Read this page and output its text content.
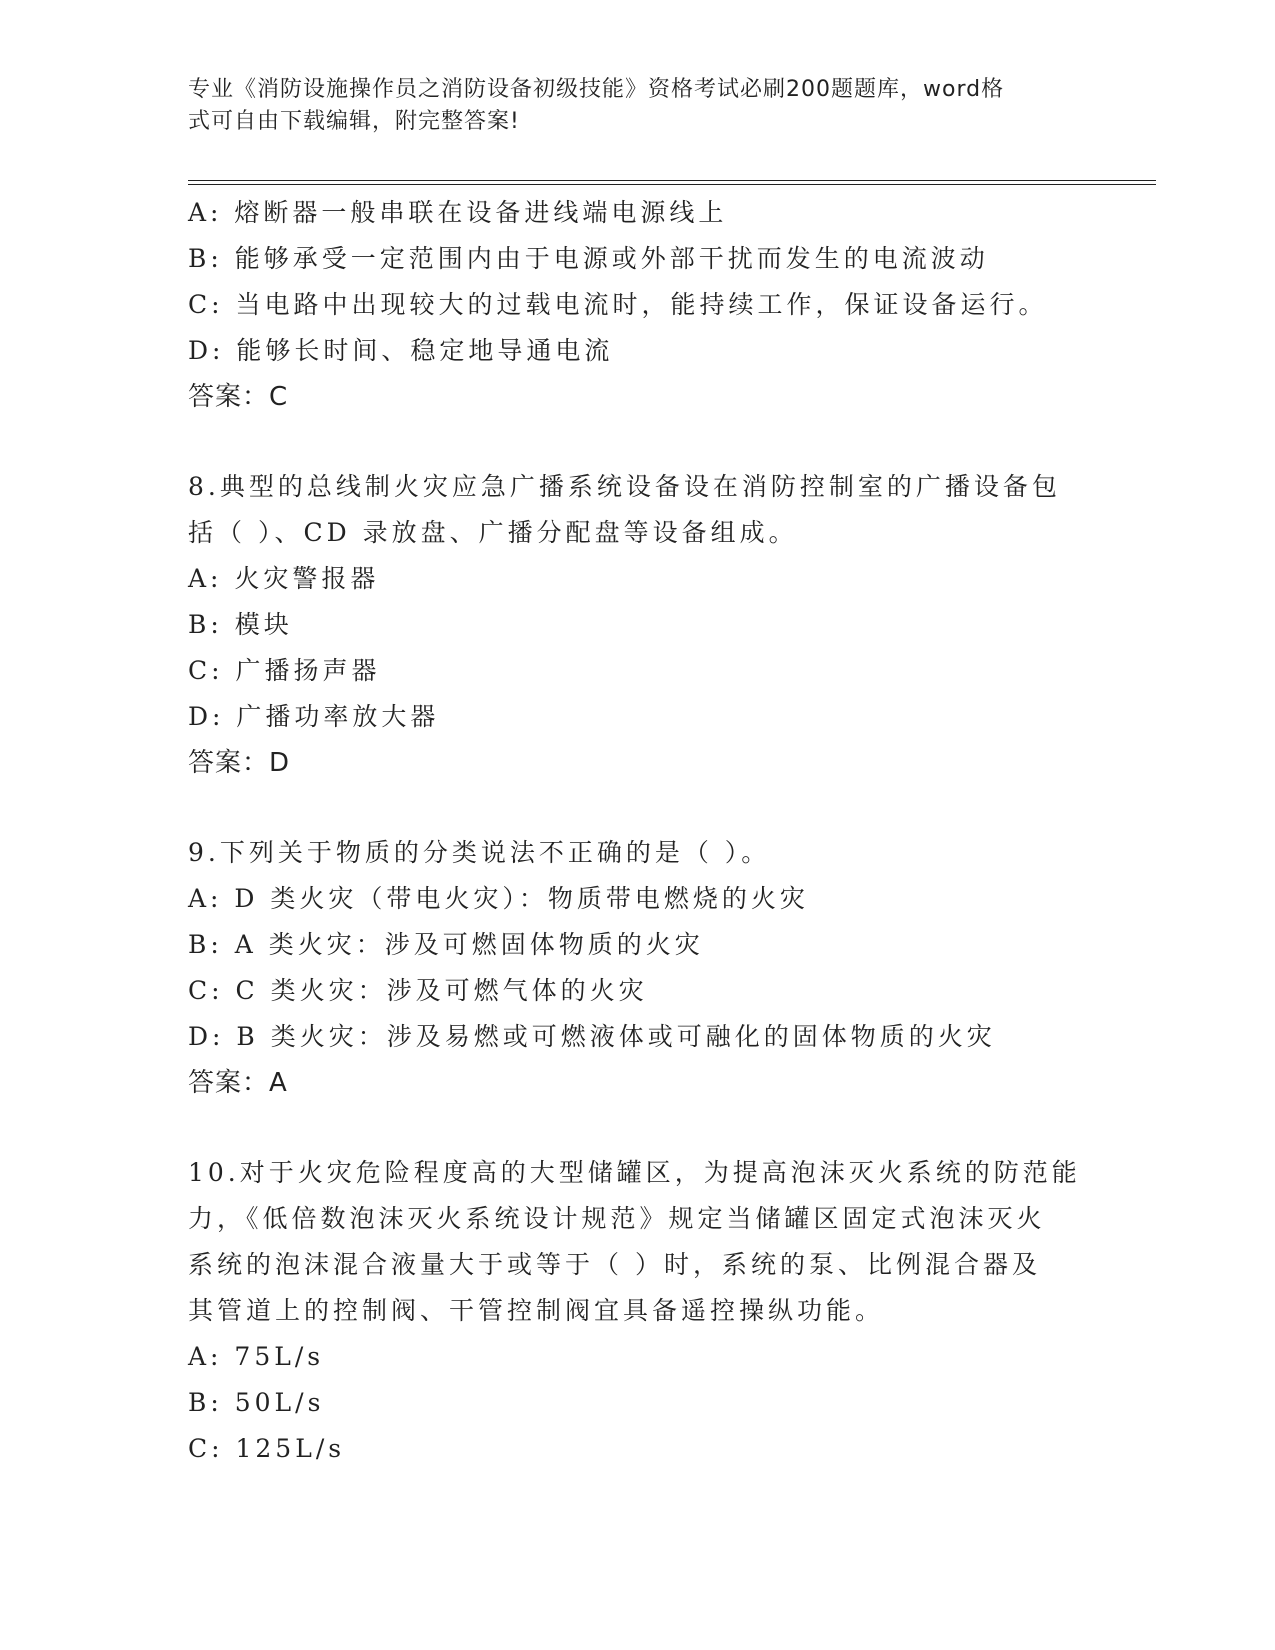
专业《消防设施操作员之消防设备初级技能》资格考试必刷200题题库，word格
式可自由下载编辑，附完整答案!
A: 熔断器一般串联在设备进线端电源线上
B: 能够承受一定范围内由于电源或外部干扰而发生的电流波动
C: 当电路中出现较大的过载电流时，能持续工作，保证设备运行。
D: 能够长时间、稳定地导通电流
答案：C
8.典型的总线制火灾应急广播系统设备设在消防控制室的广播设备包
括（ ）、CD 录放盘、广播分配盘等设备组成。
A: 火灾警报器
B: 模块
C: 广播扬声器
D: 广播功率放大器
答案：D
9.下列关于物质的分类说法不正确的是（ ）。
A: D 类火灾（带电火灾）：物质带电燃烧的火灾
B: A 类火灾：涉及可燃固体物质的火灾
C: C 类火灾：涉及可燃气体的火灾
D: B 类火灾：涉及易燃或可燃液体或可融化的固体物质的火灾
答案：A
10.对于火灾危险程度高的大型储罐区，为提高泡沫灭火系统的防范能
力，《低倍数泡沫灭火系统设计规范》规定当储罐区固定式泡沫灭火
系统的泡沫混合液量大于或等于（ ）时，系统的泵、比例混合器及
其管道上的控制阀、干管控制阀宜具备遥控操纵功能。
A: 75L/s
B: 50L/s
C: 125L/s
